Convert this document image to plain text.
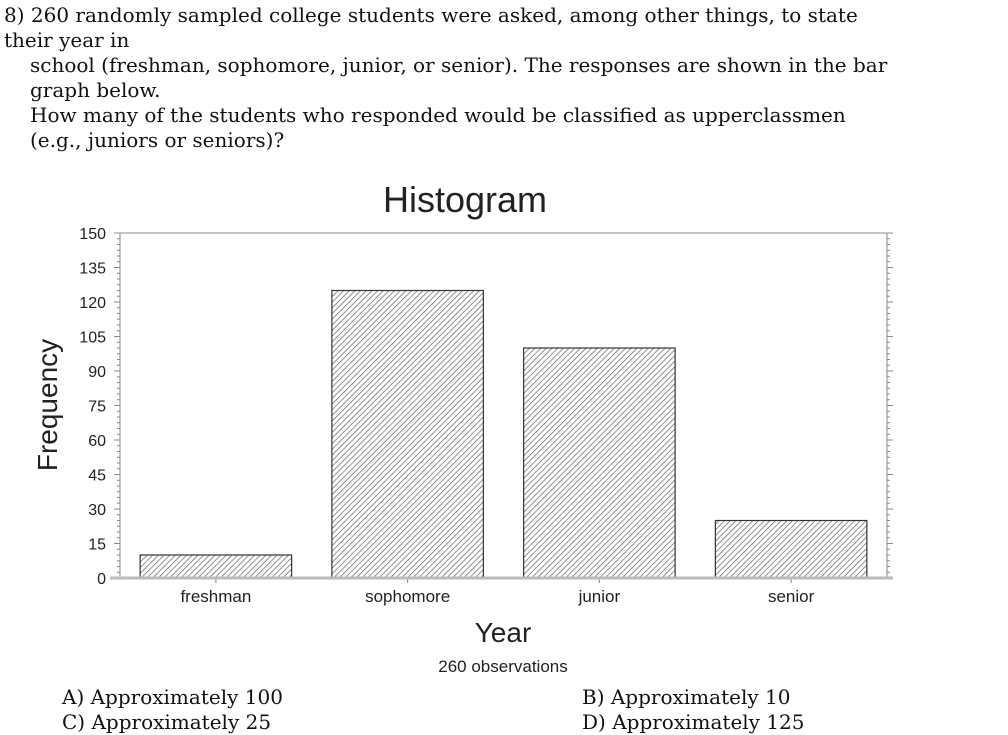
8) 260 randomly sampled college students were asked, among other things, to state
their year in
school (freshman, sophomore, junior, or senior). The responses are shown in the bar
graph below.
How many of the students who responded would be classified as upperclassmen
(e.g., juniors or seniors)?
Histogram
0
15
30
45
60
75
90
105
120
135
150
freshman	sophomore	junior	senior
Frequency
Year
260 observations
A) Approximately 100	B) Approximately 10
C) Approximately 25	D) Approximately 125
